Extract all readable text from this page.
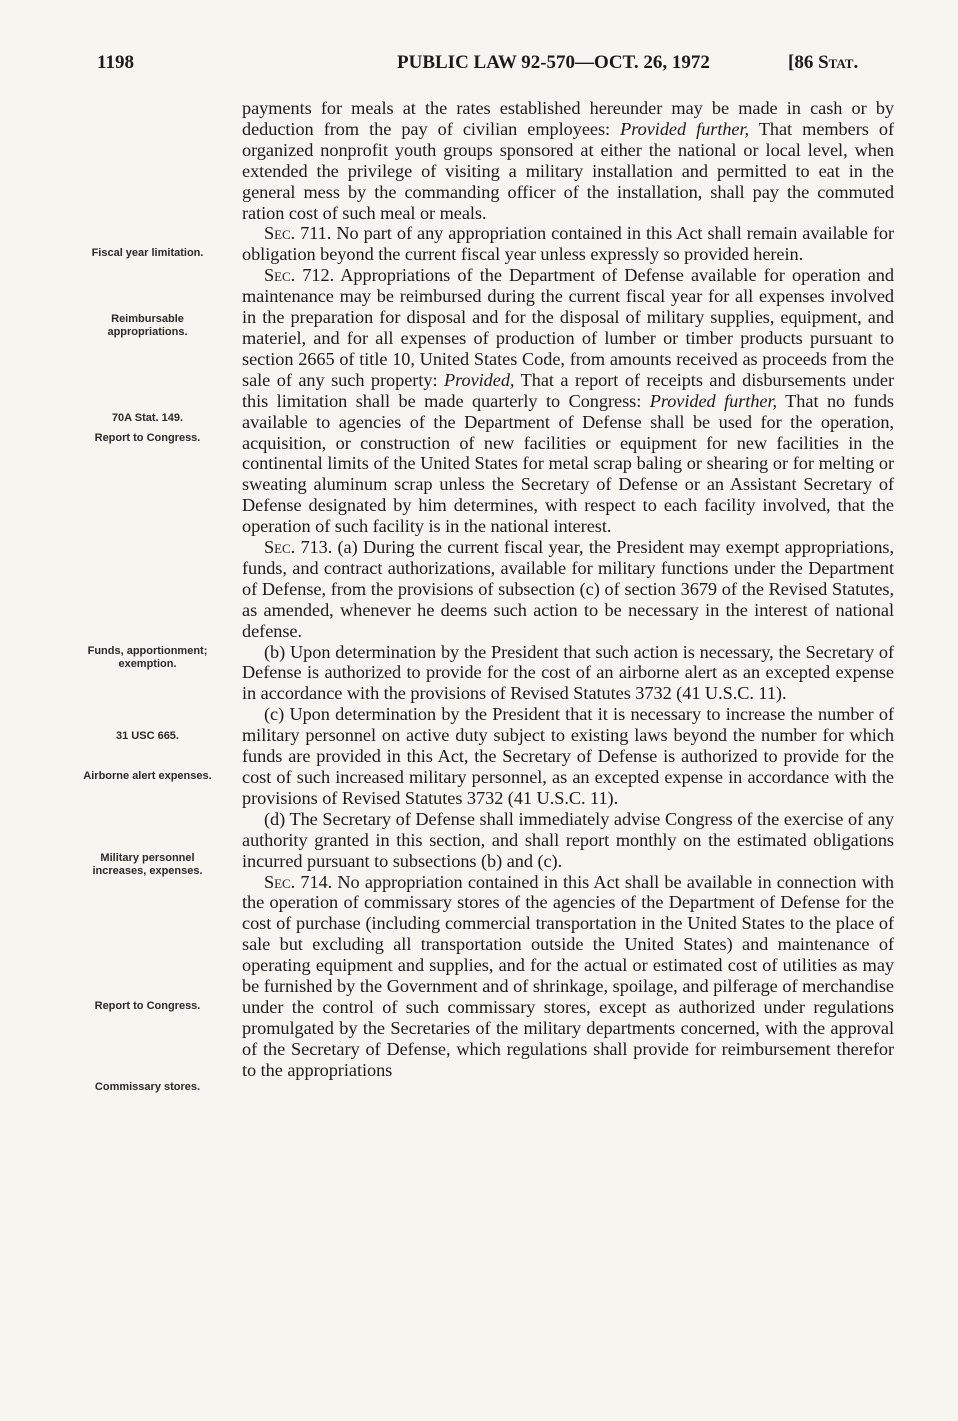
1198	PUBLIC LAW 92-570—OCT. 26, 1972	[86 Stat.
Fiscal year limitation.
Reimbursable appropriations.
70A Stat. 149.
Report to Congress.
Funds, apportionment; exemption.
31 USC 665.
Airborne alert expenses.
Military personnel increases, expenses.
Report to Congress.
Commissary stores.

payments for meals at the rates established hereunder may be made in cash or by deduction from the pay of civilian employees: Provided further, That members of organized nonprofit youth groups sponsored at either the national or local level, when extended the privilege of visiting a military installation and permitted to eat in the general mess by the commanding officer of the installation, shall pay the commuted ration cost of such meal or meals.

Sec. 711. No part of any appropriation contained in this Act shall remain available for obligation beyond the current fiscal year unless expressly so provided herein.

Sec. 712. Appropriations of the Department of Defense available for operation and maintenance may be reimbursed during the current fiscal year for all expenses involved in the preparation for disposal and for the disposal of military supplies, equipment, and materiel, and for all expenses of production of lumber or timber products pursuant to section 2665 of title 10, United States Code, from amounts received as proceeds from the sale of any such property: Provided, That a report of receipts and disbursements under this limitation shall be made quarterly to Congress: Provided further, That no funds available to agencies of the Department of Defense shall be used for the operation, acquisition, or construction of new facilities or equipment for new facilities in the continental limits of the United States for metal scrap baling or shearing or for melting or sweating aluminum scrap unless the Secretary of Defense or an Assistant Secretary of Defense designated by him determines, with respect to each facility involved, that the operation of such facility is in the national interest.

Sec. 713. (a) During the current fiscal year, the President may exempt appropriations, funds, and contract authorizations, available for military functions under the Department of Defense, from the provisions of subsection (c) of section 3679 of the Revised Statutes, as amended, whenever he deems such action to be necessary in the interest of national defense.

(b) Upon determination by the President that such action is necessary, the Secretary of Defense is authorized to provide for the cost of an airborne alert as an excepted expense in accordance with the provisions of Revised Statutes 3732 (41 U.S.C. 11).

(c) Upon determination by the President that it is necessary to increase the number of military personnel on active duty subject to existing laws beyond the number for which funds are provided in this Act, the Secretary of Defense is authorized to provide for the cost of such increased military personnel, as an excepted expense in accordance with the provisions of Revised Statutes 3732 (41 U.S.C. 11).

(d) The Secretary of Defense shall immediately advise Congress of the exercise of any authority granted in this section, and shall report monthly on the estimated obligations incurred pursuant to subsections (b) and (c).

Sec. 714. No appropriation contained in this Act shall be available in connection with the operation of commissary stores of the agencies of the Department of Defense for the cost of purchase (including commercial transportation in the United States to the place of sale but excluding all transportation outside the United States) and maintenance of operating equipment and supplies, and for the actual or estimated cost of utilities as may be furnished by the Government and of shrinkage, spoilage, and pilferage of merchandise under the control of such commissary stores, except as authorized under regulations promulgated by the Secretaries of the military departments concerned, with the approval of the Secretary of Defense, which regulations shall provide for reimbursement therefor to the appropriations
